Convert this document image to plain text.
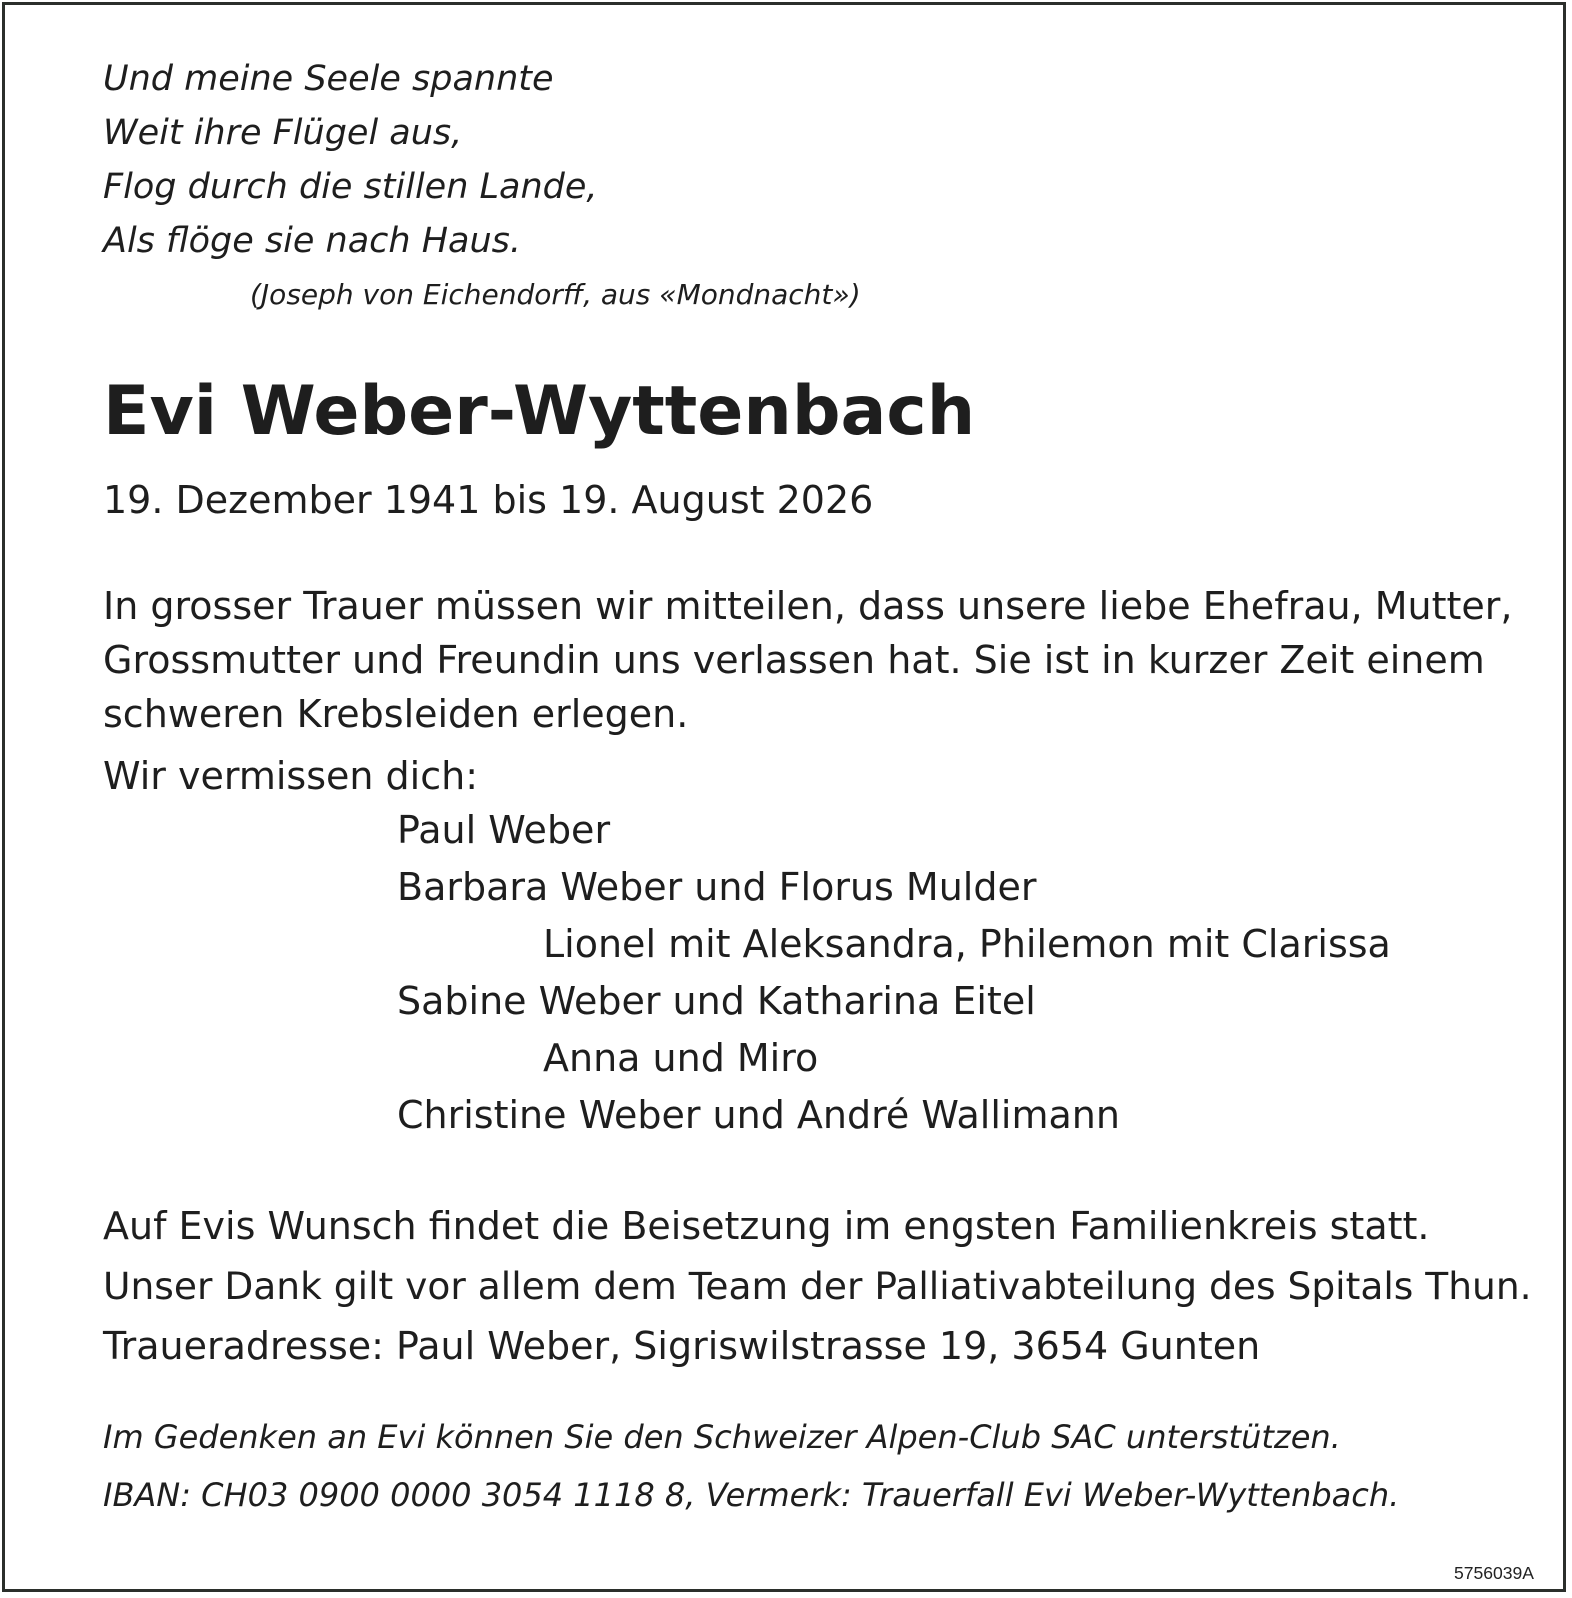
Und meine Seele spannte

Weit ihre Flügel aus,

Flog durch die stillen Lande,

Als flöge sie nach Haus.

(Joseph von Eichendorff, aus «Mondnacht»)

Evi Weber-Wyttenbach

19. Dezember 1941 bis 19. August 2026

In grosser Trauer müssen wir mitteilen, dass unsere liebe Ehefrau, Mutter,

Grossmutter und Freundin uns verlassen hat. Sie ist in kurzer Zeit einem

schweren Krebsleiden erlegen.

Wir vermissen dich:

Paul Weber

Barbara Weber und Florus Mulder

Lionel mit Aleksandra, Philemon mit Clarissa

Sabine Weber und Katharina Eitel

Anna und Miro

Christine Weber und André Wallimann

Auf Evis Wunsch findet die Beisetzung im engsten Familienkreis statt.

Unser Dank gilt vor allem dem Team der Palliativabteilung des Spitals Thun.

Traueradresse: Paul Weber, Sigriswilstrasse 19, 3654 Gunten

Im Gedenken an Evi können Sie den Schweizer Alpen-Club SAC unterstützen.

IBAN: CH03 0900 0000 3054 1118 8, Vermerk: Trauerfall Evi Weber-Wyttenbach.

5756039A
